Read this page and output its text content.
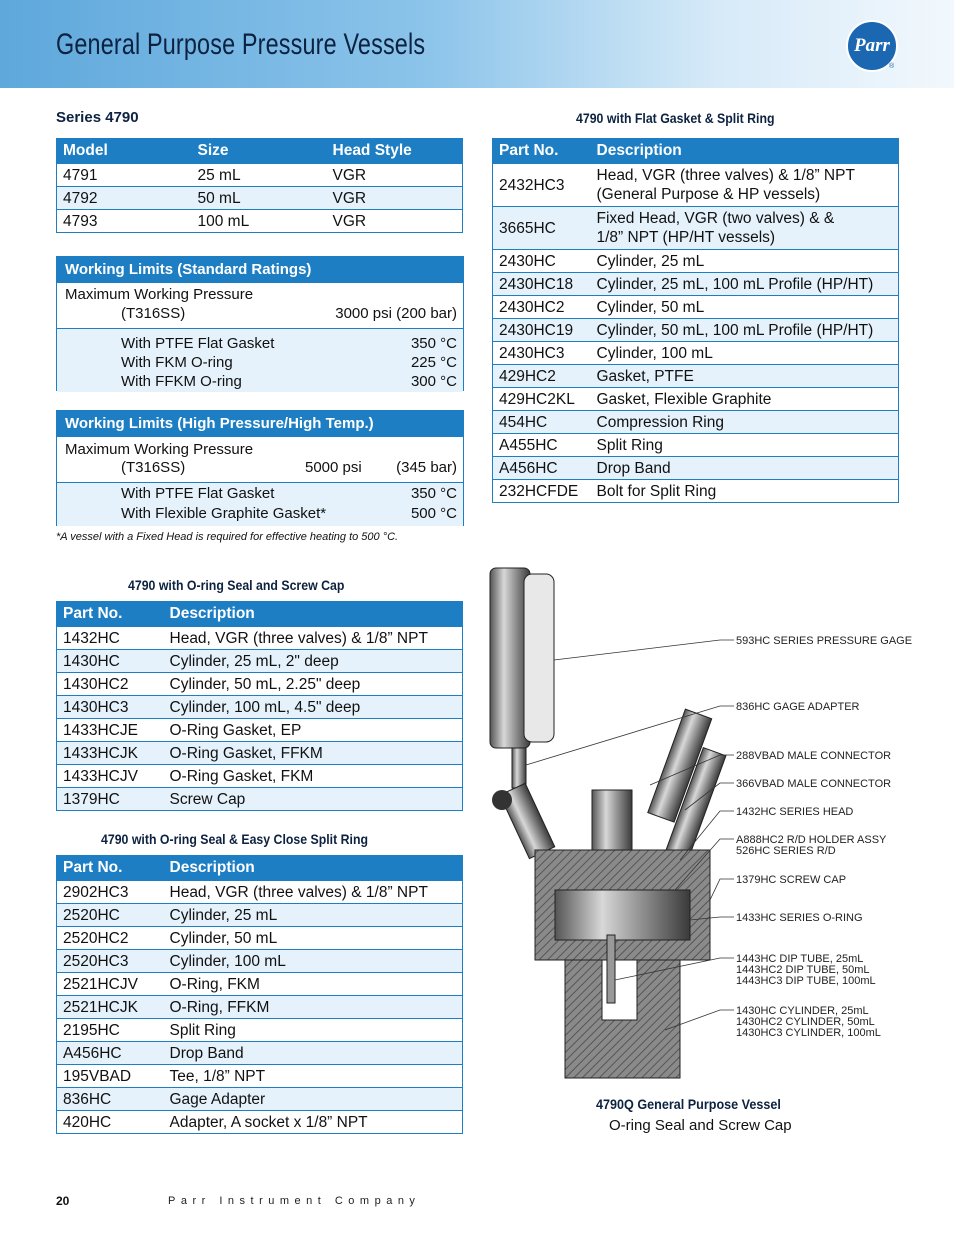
General Purpose Pressure Vessels	Parr
®
Series 4790
Model	Size	Head Style
4791	25 mL	VGR
4792	50 mL	VGR
4793	100 mL	VGR
Working Limits (Standard Ratings)
Maximum Working Pressure
(T316SS)	3000 psi (200 bar)
With PTFE Flat Gasket	350 °C
With FKM O-ring	225 °C
With FFKM O-ring	300 °C
Working Limits (High Pressure/High Temp.)
Maximum Working Pressure
(T316SS)	5000 psi (345 bar)
With PTFE Flat Gasket	350 °C
With Flexible Graphite Gasket*	500 °C
*A vessel with a Fixed Head is required for effective heating to 500 °C.
4790 with O-ring Seal and Screw Cap
Part No.	Description
1432HC	Head, VGR (three valves) & 1/8” NPT

1430HC	Cylinder, 25 mL, 2" deep

1430HC2	Cylinder, 50 mL, 2.25" deep

1430HC3	Cylinder, 100 mL, 4.5" deep

1433HCJE	O-Ring Gasket, EP

1433HCJK	O-Ring Gasket, FFKM

1433HCJV	O-Ring Gasket, FKM

1379HC	Screw Cap
4790 with O-ring Seal & Easy Close Split Ring
Part No.	Description
2902HC3	Head, VGR (three valves) & 1/8” NPT

2520HC	Cylinder, 25 mL

2520HC2	Cylinder, 50 mL

2520HC3	Cylinder, 100 mL

2521HCJV	O-Ring, FKM

2521HCJK	O-Ring, FFKM

2195HC	Split Ring

A456HC	Drop Band

195VBAD	Tee, 1/8” NPT

836HC	Gage Adapter

420HC	Adapter, A socket x 1/8” NPT
4790 with Flat Gasket & Split Ring
Part No.	Description
2432HC3	Head, VGR (three valves) & 1/8” NPT
(General Purpose & HP vessels)

3665HC	Fixed Head, VGR (two valves) & &
1/8” NPT (HP/HT vessels)

2430HC	Cylinder, 25 mL

2430HC18	Cylinder, 25 mL, 100 mL Profile (HP/HT)

2430HC2	Cylinder, 50 mL

2430HC19	Cylinder, 50 mL, 100 mL Profile (HP/HT)

2430HC3	Cylinder, 100 mL

429HC2	Gasket, PTFE

429HC2KL	Gasket, Flexible Graphite

454HC	Compression Ring

A455HC	Split Ring

A456HC	Drop Band

232HCFDE	Bolt for Split Ring
593HC SERIES PRESSURE GAGE
836HC GAGE ADAPTER
288VBAD MALE CONNECTOR
366VBAD MALE CONNECTOR
1432HC SERIES HEAD
A888HC2 R/D HOLDER ASSY 526HC SERIES R/D
1379HC SCREW CAP
1433HC SERIES O-RING
1443HC DIP TUBE, 25mL 1443HC2 DIP TUBE, 50mL 1443HC3 DIP TUBE, 100mL
1430HC CYLINDER, 25mL 1430HC2 CYLINDER, 50mL 1430HC3 CYLINDER, 100mL
4790Q General Purpose Vessel
O-ring Seal and Screw Cap
20	Parr Instrument Company
